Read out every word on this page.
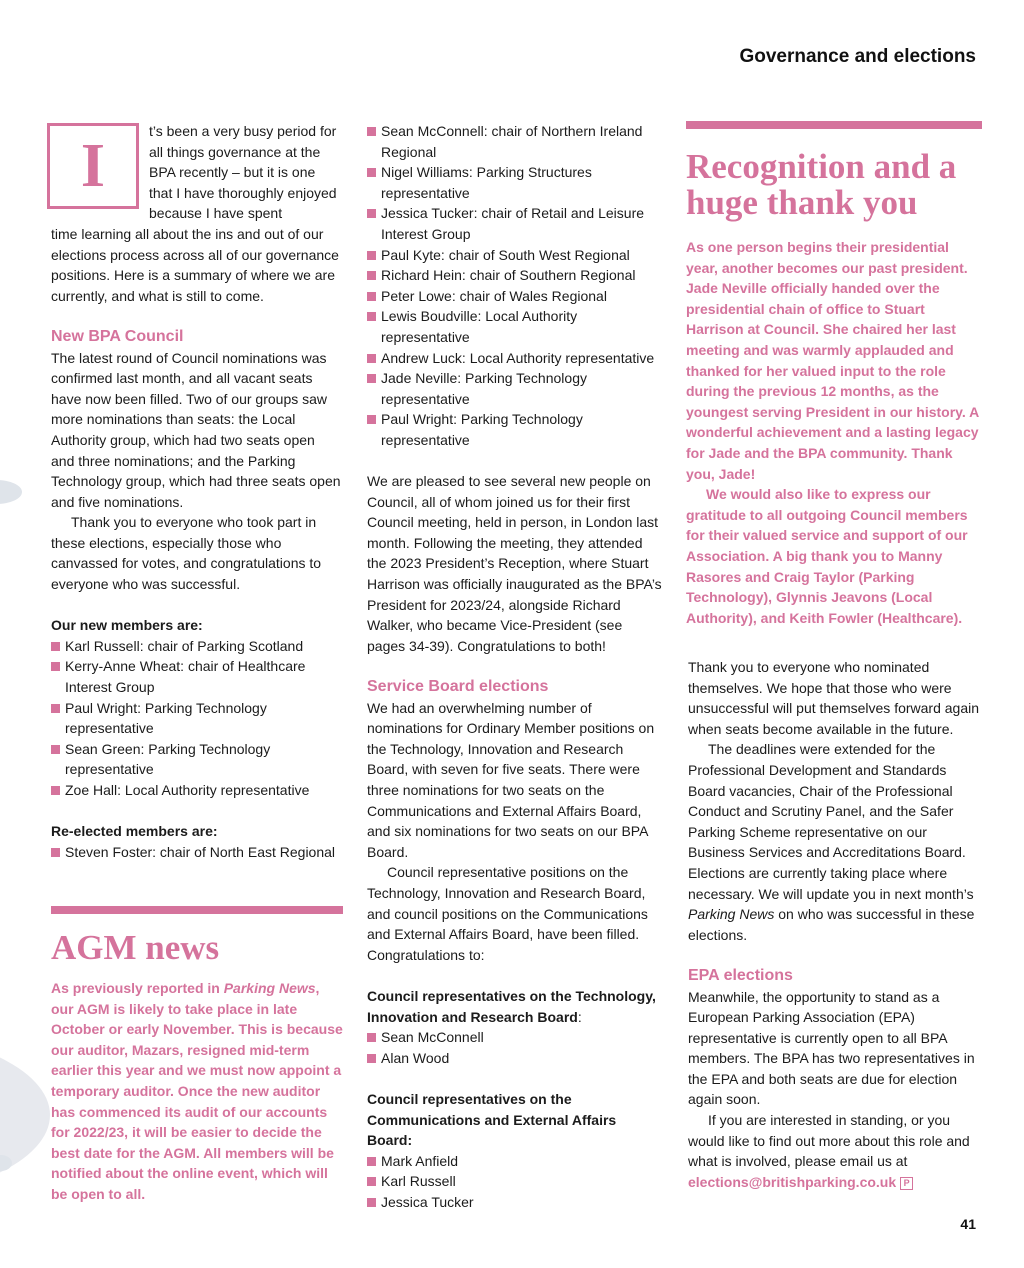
Governance and elections
I

t’s been a very busy period for all things governance at the BPA recently – but it is one that I have thoroughly enjoyed because I have spent

time learning all about the ins and out of our elections process across all of our governance positions. Here is a summary of where we are currently, and what is still to come.

New BPA Council

The latest round of Council nominations was confirmed last month, and all vacant seats have now been filled. Two of our groups saw more nominations than seats: the Local Authority group, which had two seats open and three nominations; and the Parking Technology group, which had three seats open and five nominations.

Thank you to everyone who took part in these elections, especially those who canvassed for votes, and congratulations to everyone who was successful.

Our new members are:

Karl Russell: chair of Parking Scotland
Kerry-Anne Wheat: chair of Healthcare Interest Group
Paul Wright: Parking Technology representative
Sean Green: Parking Technology representative
Zoe Hall: Local Authority representative

Re-elected members are:

Steven Foster: chair of North East Regional
AGM news

As previously reported in Parking News, our AGM is likely to take place in late October or early November. This is because our auditor, Mazars, resigned mid-term earlier this year and we must now appoint a temporary auditor. Once the new auditor has commenced its audit of our accounts for 2022/23, it will be easier to decide the best date for the AGM. All members will be notified about the online event, which will be open to all.

Sean McConnell: chair of Northern Ireland Regional
Nigel Williams: Parking Structures representative
Jessica Tucker: chair of Retail and Leisure Interest Group
Paul Kyte: chair of South West Regional
Richard Hein: chair of Southern Regional
Peter Lowe: chair of Wales Regional
Lewis Boudville: Local Authority representative
Andrew Luck: Local Authority representative
Jade Neville: Parking Technology representative
Paul Wright: Parking Technology representative

We are pleased to see several new people on Council, all of whom joined us for their first Council meeting, held in person, in London last month. Following the meeting, they attended the 2023 President’s Reception, where Stuart Harrison was officially inaugurated as the BPA’s President for 2023/24, alongside Richard Walker, who became Vice-President (see pages 34-39). Congratulations to both!

Service Board elections

We had an overwhelming number of nominations for Ordinary Member positions on the Technology, Innovation and Research Board, with seven for five seats. There were three nominations for two seats on the Communications and External Affairs Board, and six nominations for two seats on our BPA Board.

Council representative positions on the Technology, Innovation and Research Board, and council positions on the Communications and External Affairs Board, have been filled. Congratulations to:

Council representatives on the Technology, Innovation and Research Board:

Sean McConnell
Alan Wood

Council representatives on the Communications and External Affairs Board:

Mark Anfield
Karl Russell
Jessica Tucker
Recognition and a huge thank you

As one person begins their presidential year, another becomes our past president. Jade Neville officially handed over the presidential chain of office to Stuart Harrison at Council. She chaired her last meeting and was warmly applauded and thanked for her valued input to the role during the previous 12 months, as the youngest serving President in our history. A wonderful achievement and a lasting legacy for Jade and the BPA community. Thank you, Jade!

We would also like to express our gratitude to all outgoing Council members for their valued service and support of our Association. A big thank you to Manny Rasores and Craig Taylor (Parking Technology), Glynnis Jeavons (Local Authority), and Keith Fowler (Healthcare).

Thank you to everyone who nominated themselves. We hope that those who were unsuccessful will put themselves forward again when seats become available in the future.

The deadlines were extended for the Professional Development and Standards Board vacancies, Chair of the Professional Conduct and Scrutiny Panel, and the Safer Parking Scheme representative on our Business Services and Accreditations Board. Elections are currently taking place where necessary. We will update you in next month’s Parking News on who was successful in these elections.

EPA elections

Meanwhile, the opportunity to stand as a European Parking Association (EPA) representative is currently open to all BPA members. The BPA has two representatives in the EPA and both seats are due for election again soon.

If you are interested in standing, or you would like to find out more about this role and what is involved, please email us at

elections@britishparking.co.uk P

41
